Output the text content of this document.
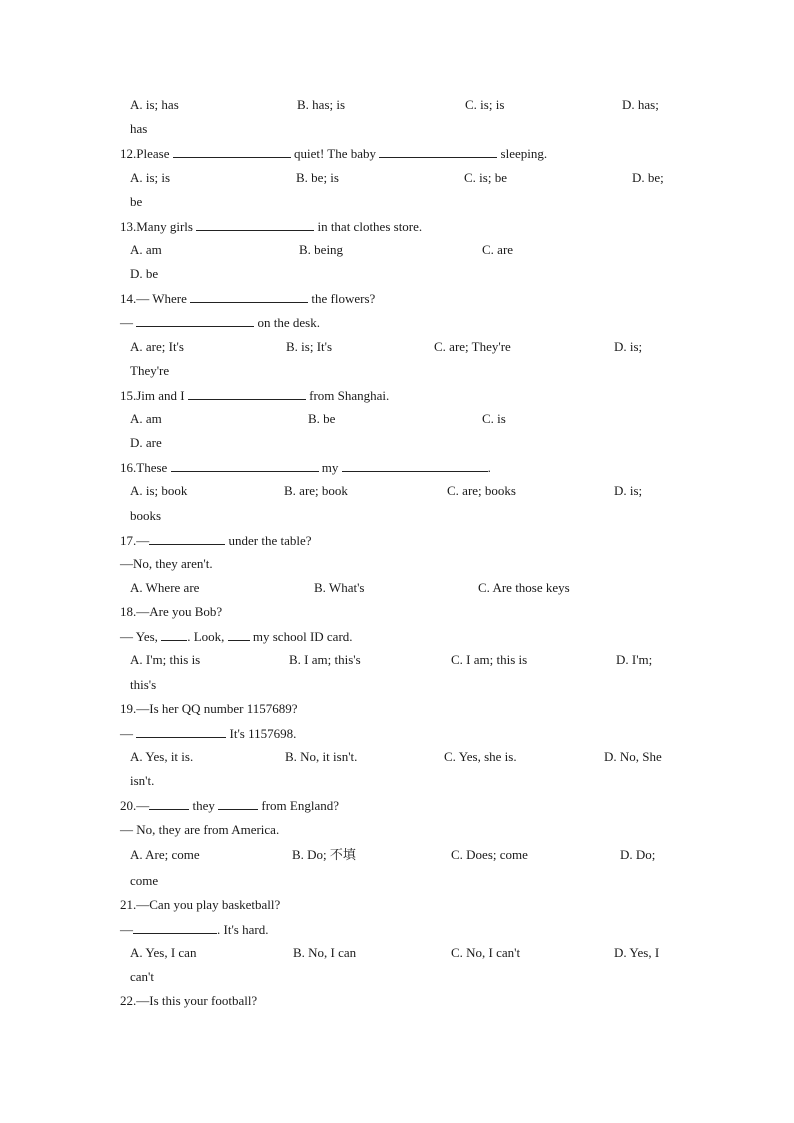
A. is; has	B. has; is	C. is; is	D. has;
has
12.Please	quiet! The baby	sleeping.
A. is; is	B. be; is	C. is; be	D. be;
be
13.Many girls	in that clothes store.
A. am	B. being	C. are
D. be
14.— Where	the flowers?
—	on the desk.
A. are; It's	B. is; It's	C. are; They're	D. is;
They're
15.Jim and I	from Shanghai.
A. am	B. be	C. is
D. are
16.These	my	.
A. is; book	B. are; book	C. are; books	D. is;
books
17.—	under the table?
—No, they aren't.
A. Where are	B. What's	C. Are those keys
18.—Are you Bob?
— Yes, . Look, my school ID card.
A. I'm; this is	B. I am; this's	C. I am; this is	D. I'm;
this's
19.—Is her QQ number 1157689?
—	It's 1157698.
A. Yes, it is.	B. No, it isn't.	C. Yes, she is.	D. No, She
isn't.
20.—	they	from England?
— No, they are from America.
A. Are; come	B. Do; 不填	C. Does; come	D. Do;
come
21.—Can you play basketball?
—	. It's hard.
A. Yes, I can	B. No, I can	C. No, I can't	D. Yes, I
can't
22.—Is this your football?
